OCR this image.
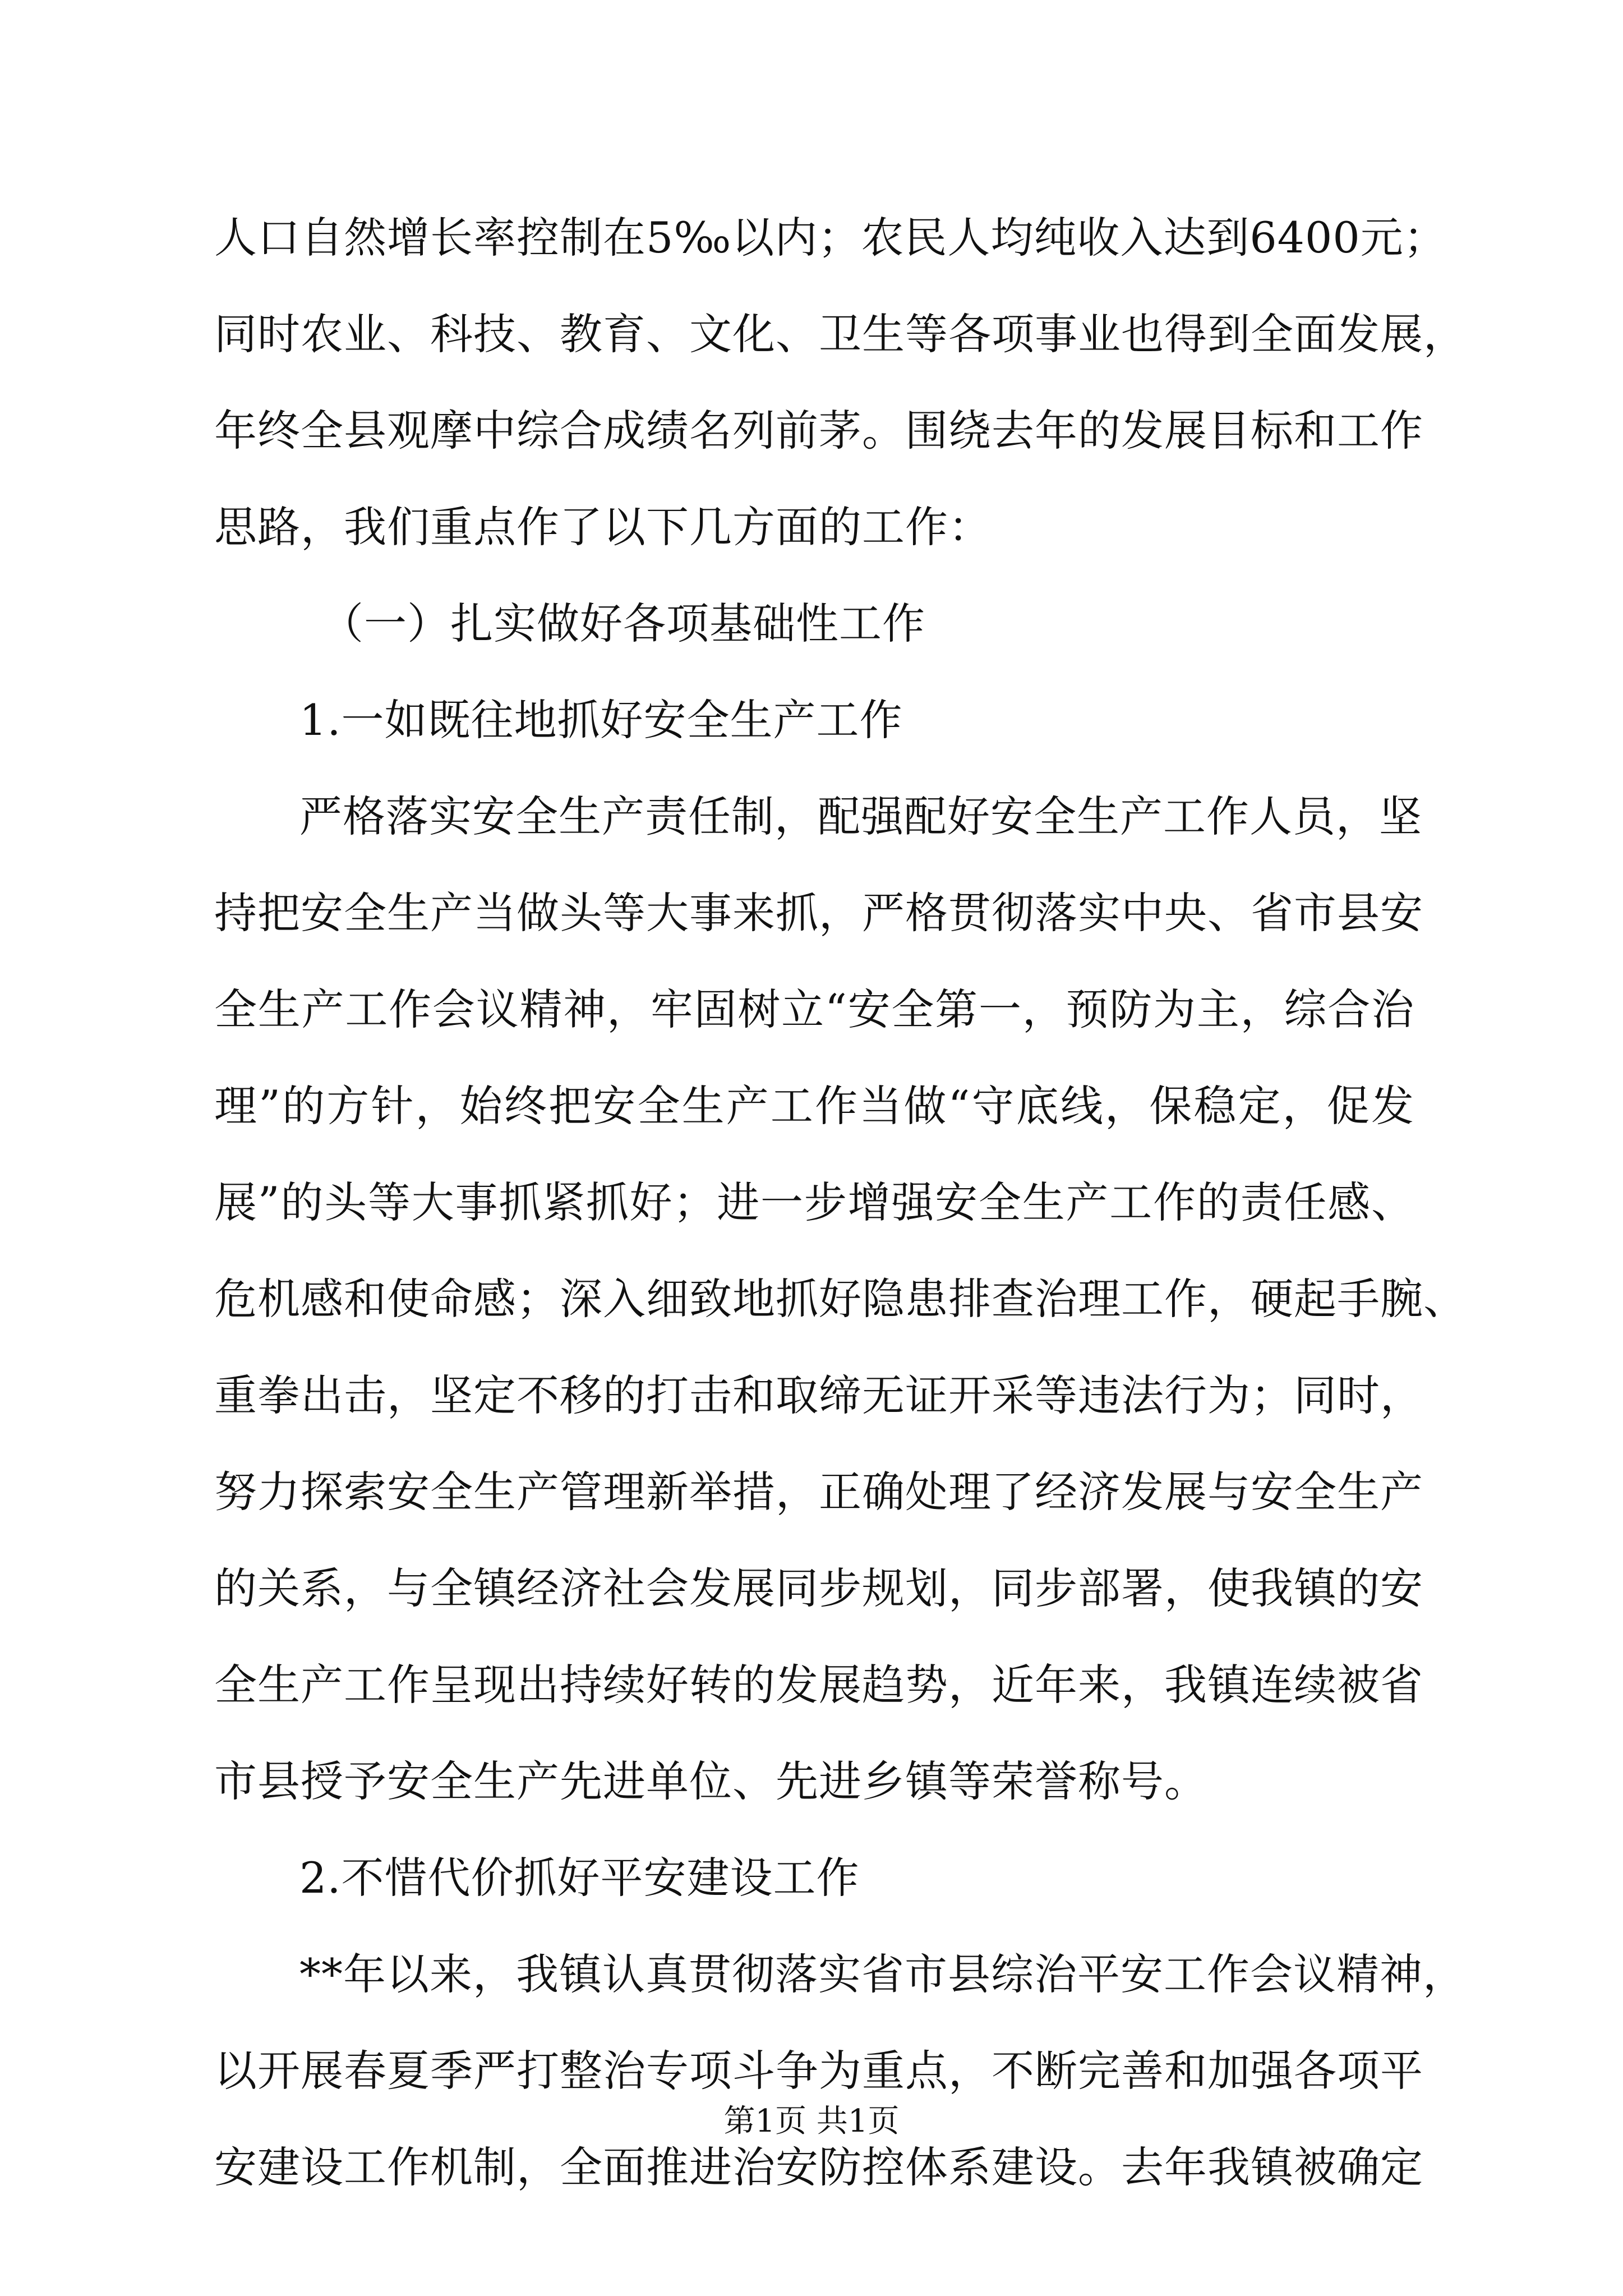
人口自然增长率控制在5‰以内；农民人均纯收入达到6400元；
同时农业、科技、教育、文化、卫生等各项事业也得到全面发展，
年终全县观摩中综合成绩名列前茅。围绕去年的发展目标和工作
思路，我们重点作了以下几方面的工作：
（一）扎实做好各项基础性工作
1.一如既往地抓好安全生产工作
严格落实安全生产责任制，配强配好安全生产工作人员，坚
持把安全生产当做头等大事来抓，严格贯彻落实中央、省市县安
全生产工作会议精神，牢固树立“安全第一，预防为主，综合治
理”的方针，始终把安全生产工作当做“守底线，保稳定，促发
展”的头等大事抓紧抓好；进一步增强安全生产工作的责任感、
危机感和使命感；深入细致地抓好隐患排查治理工作，硬起手腕、
重拳出击，坚定不移的打击和取缔无证开采等违法行为；同时，
努力探索安全生产管理新举措，正确处理了经济发展与安全生产
的关系，与全镇经济社会发展同步规划，同步部署，使我镇的安
全生产工作呈现出持续好转的发展趋势，近年来，我镇连续被省
市县授予安全生产先进单位、先进乡镇等荣誉称号。
2.不惜代价抓好平安建设工作
**年以来，我镇认真贯彻落实省市县综治平安工作会议精神，
以开展春夏季严打整治专项斗争为重点，不断完善和加强各项平
安建设工作机制，全面推进治安防控体系建设。去年我镇被确定
第1页 共1页
